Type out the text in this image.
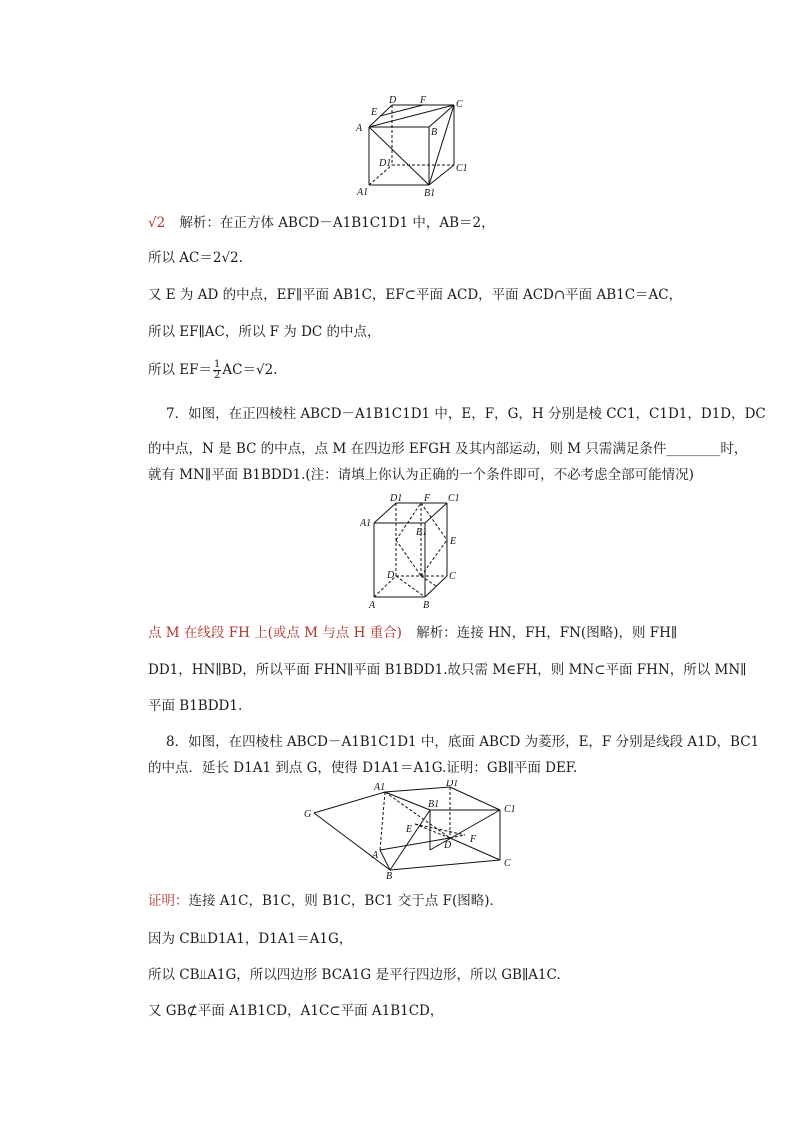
A
E
D F	C
B
D1	C1
A1	B1
√2 解析：在正方体 ABCD－A1B1C1D1 中，AB＝2，
所以 AC＝2√2.
又 E 为 AD 的中点，EF∥平面 AB1C，EF⊂平面 ACD，平面 ACD∩平面 AB1C＝AC，
所以 EF∥AC，所以 F 为 DC 的中点，
所以 $EF= \frac{1}{2} AC=√2$.
7．如图，在正四棱柱 ABCD－A1B1C1D1 中，E，F，G，H 分别是棱 CC1，C1D1，D1D，DC
的中点，N 是 BC 的中点，点 M 在四边形 EFGH 及其内部运动，则 M 只需满足条件________时，
就有 MN∥平面 B1BDD1.(注：请填上你认为正确的一个条件即可，不必考虑全部可能情况)
D1	C1
A1
B1
D	C
A	B
F
E
点 M 在线段 FH 上(或点 M 与点 H 重合) 解析：连接 HN，FH，FN(图略)，则 FH∥
DD1，HN∥BD，所以平面 FHN∥平面 B1BDD1.故只需 M∈FH，则 MN⊂平面 FHN，所以 MN∥
平面 B1BDD1.
8．如图，在四棱柱 ABCD－A1B1C1D1 中，底面 ABCD 为菱形，E，F 分别是线段 A1D，BC1
的中点．延长 D1A1 到点 G，使得 D1A1＝A1G.证明：GB∥平面 DEF.
G
A1	D1
B1	C1
E
F
D
A
C
B
证明：连接 A1C，B1C，则 B1C，BC1 交于点 F(图略)．
因为 CB⫫D1A1，D1A1＝A1G，
所以 CB⫫A1G，所以四边形 BCA1G 是平行四边形，所以 GB∥A1C.
又 GB⊄平面 A1B1CD，A1C⊂平面 A1B1CD，
